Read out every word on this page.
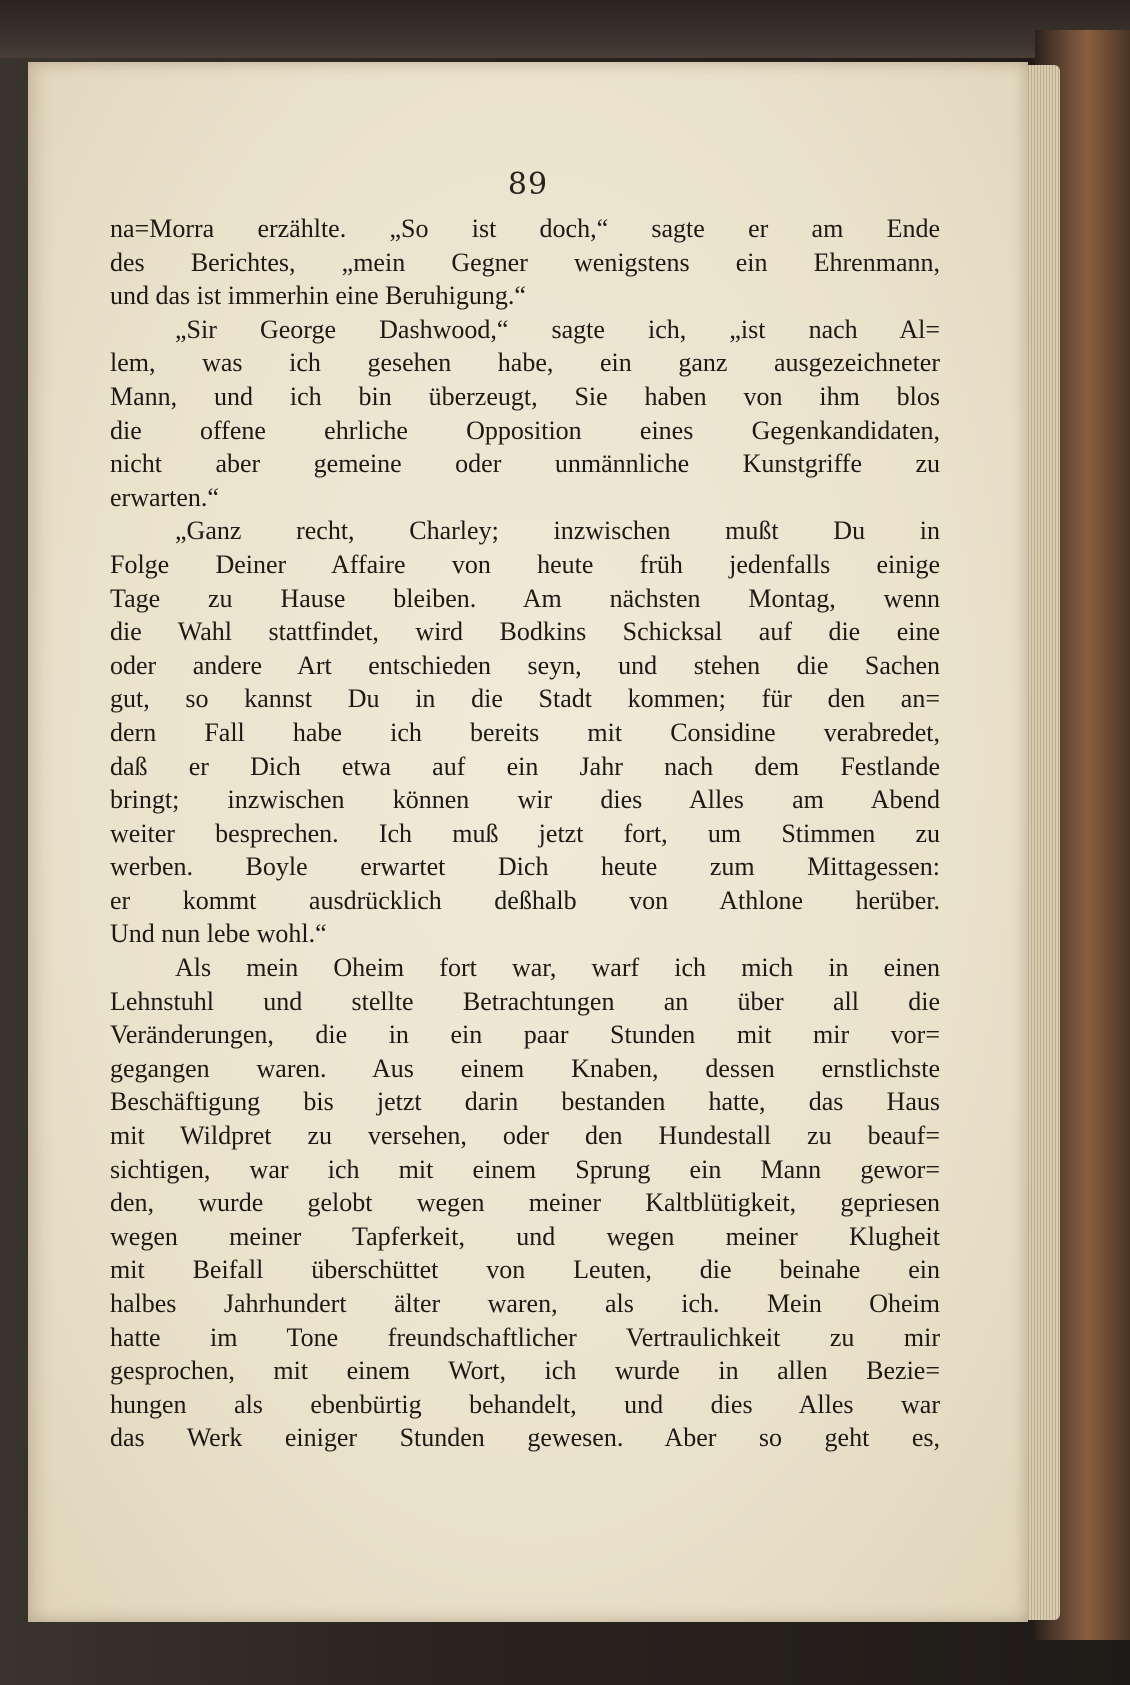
89
na=Morra erzählte. „So ist doch,“ sagte er am Ende
des Berichtes, „mein Gegner wenigstens ein Ehrenmann,
und das ist immerhin eine Beruhigung.“
„Sir George Dashwood,“ sagte ich, „ist nach Al=
lem, was ich gesehen habe, ein ganz ausgezeichneter
Mann, und ich bin überzeugt, Sie haben von ihm blos
die offene ehrliche Opposition eines Gegenkandidaten,
nicht aber gemeine oder unmännliche Kunstgriffe zu
erwarten.“
„Ganz recht, Charley; inzwischen mußt Du in
Folge Deiner Affaire von heute früh jedenfalls einige
Tage zu Hause bleiben. Am nächsten Montag, wenn
die Wahl stattfindet, wird Bodkins Schicksal auf die eine
oder andere Art entschieden seyn, und stehen die Sachen
gut, so kannst Du in die Stadt kommen; für den an=
dern Fall habe ich bereits mit Considine verabredet,
daß er Dich etwa auf ein Jahr nach dem Festlande
bringt; inzwischen können wir dies Alles am Abend
weiter besprechen. Ich muß jetzt fort, um Stimmen zu
werben. Boyle erwartet Dich heute zum Mittagessen:
er kommt ausdrücklich deßhalb von Athlone herüber.
Und nun lebe wohl.“
Als mein Oheim fort war, warf ich mich in einen
Lehnstuhl und stellte Betrachtungen an über all die
Veränderungen, die in ein paar Stunden mit mir vor=
gegangen waren. Aus einem Knaben, dessen ernstlichste
Beschäftigung bis jetzt darin bestanden hatte, das Haus
mit Wildpret zu versehen, oder den Hundestall zu beauf=
sichtigen, war ich mit einem Sprung ein Mann gewor=
den, wurde gelobt wegen meiner Kaltblütigkeit, gepriesen
wegen meiner Tapferkeit, und wegen meiner Klugheit
mit Beifall überschüttet von Leuten, die beinahe ein
halbes Jahrhundert älter waren, als ich. Mein Oheim
hatte im Tone freundschaftlicher Vertraulichkeit zu mir
gesprochen, mit einem Wort, ich wurde in allen Bezie=
hungen als ebenbürtig behandelt, und dies Alles war
das Werk einiger Stunden gewesen. Aber so geht es,
